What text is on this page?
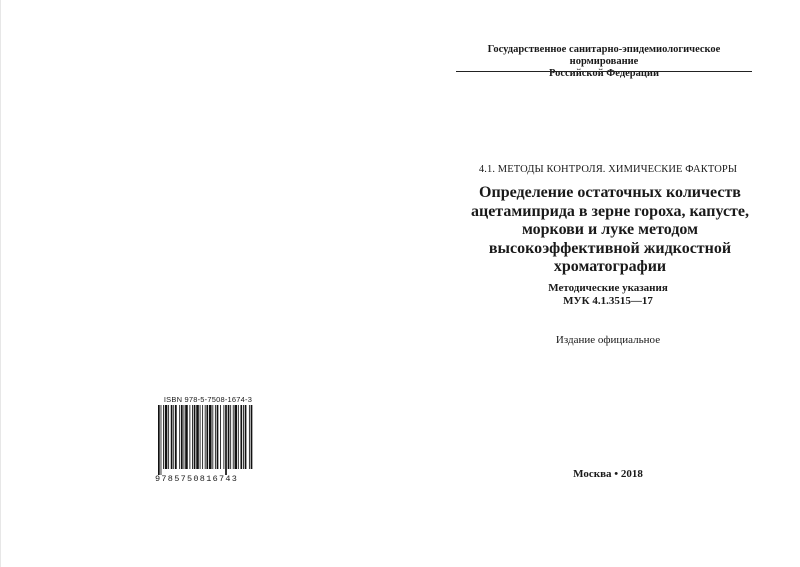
Государственное санитарно-эпидемиологическое нормирование
Российской Федерации
4.1. МЕТОДЫ КОНТРОЛЯ. ХИМИЧЕСКИЕ ФАКТОРЫ
Определение остаточных количеств
ацетамиприда в зерне гороха, капусте,
моркови и луке методом
высокоэффективной жидкостной
хроматографии
Методические указания
МУК 4.1.3515—17
Издание официальное
Москва • 2018
ISBN 978-5-7508-1674-3
9785750816743
